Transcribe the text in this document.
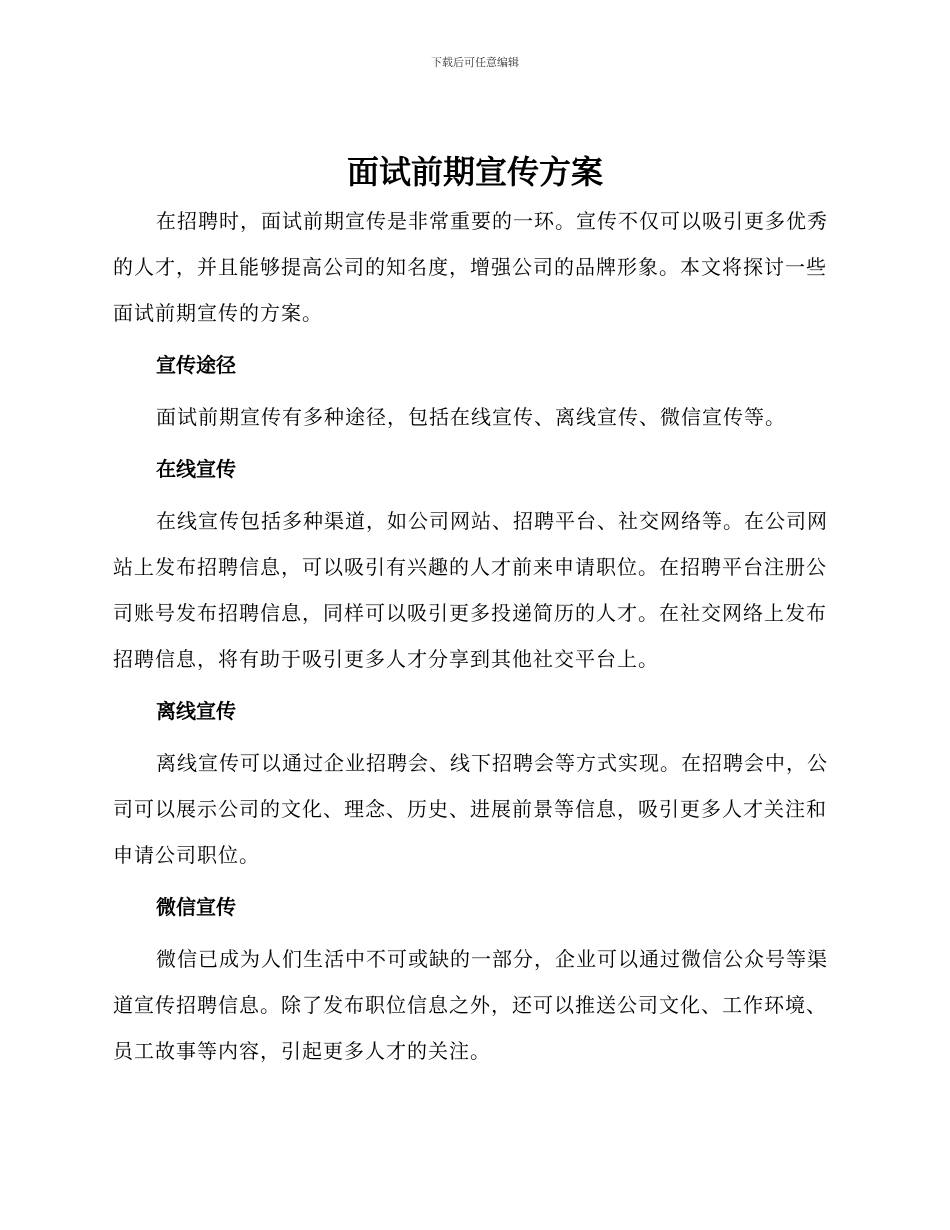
下载后可任意编辑
面试前期宣传方案

在招聘时，面试前期宣传是非常重要的一环。宣传不仅可以吸引更多优秀的人才，并且能够提高公司的知名度，增强公司的品牌形象。本文将探讨一些面试前期宣传的方案。

宣传途径

面试前期宣传有多种途径，包括在线宣传、离线宣传、微信宣传等。

在线宣传

在线宣传包括多种渠道，如公司网站、招聘平台、社交网络等。在公司网站上发布招聘信息，可以吸引有兴趣的人才前来申请职位。在招聘平台注册公司账号发布招聘信息，同样可以吸引更多投递简历的人才。在社交网络上发布招聘信息，将有助于吸引更多人才分享到其他社交平台上。

离线宣传

离线宣传可以通过企业招聘会、线下招聘会等方式实现。在招聘会中，公司可以展示公司的文化、理念、历史、进展前景等信息，吸引更多人才关注和申请公司职位。

微信宣传

微信已成为人们生活中不可或缺的一部分，企业可以通过微信公众号等渠道宣传招聘信息。除了发布职位信息之外，还可以推送公司文化、工作环境、员工故事等内容，引起更多人才的关注。
